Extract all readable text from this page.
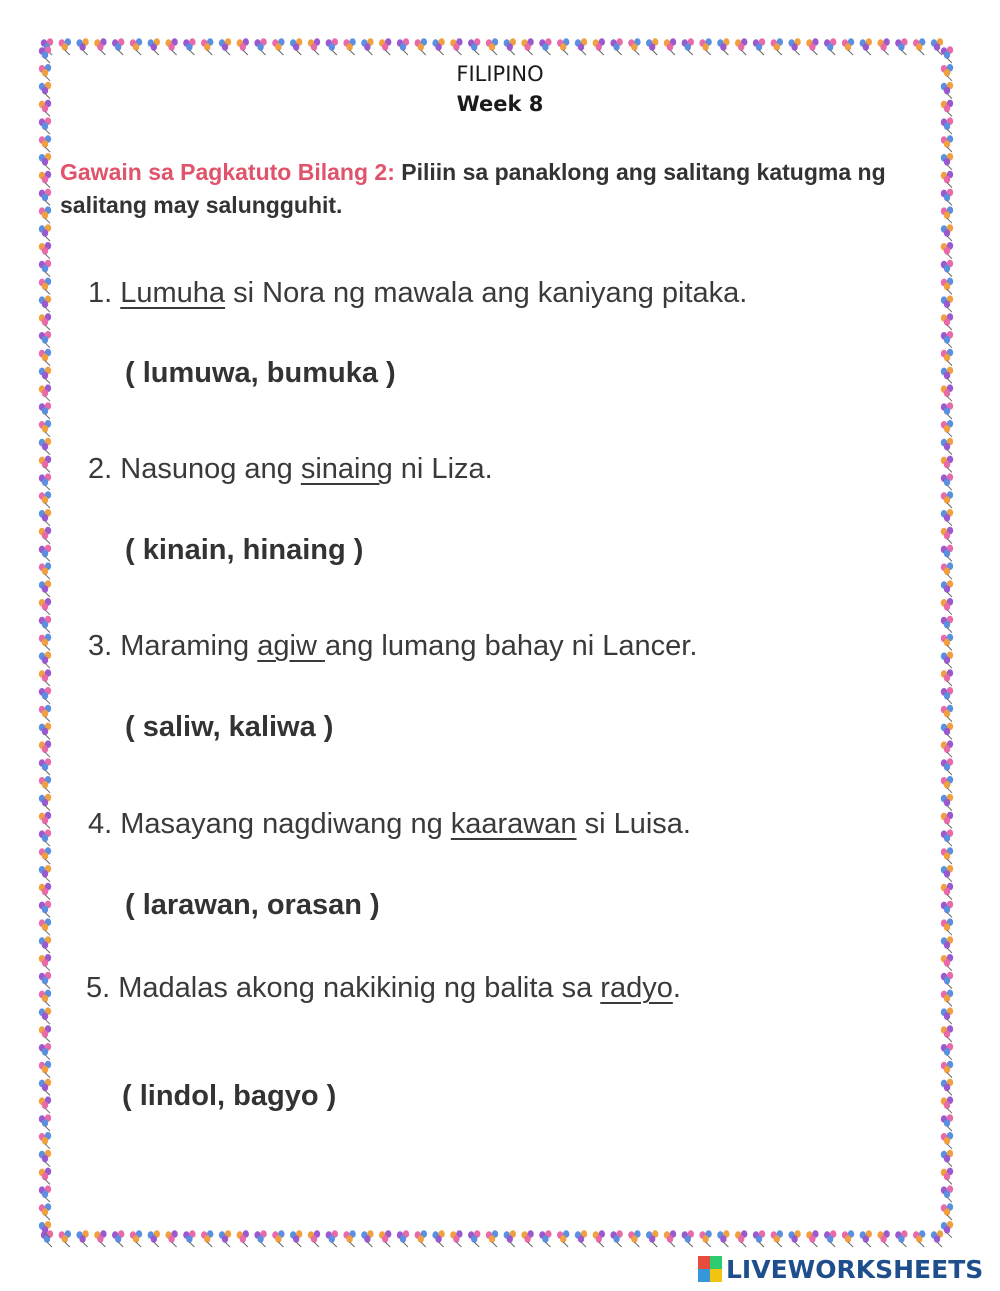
FILIPINO
Week 8
Gawain sa Pagkatuto Bilang 2: Piliin sa panaklong ang salitang katugma ng salitang may salungguhit.
1. Lumuha si Nora ng mawala ang kaniyang pitaka.
( lumuwa, bumuka )
2. Nasunog ang sinaing ni Liza.
( kinain, hinaing )
3. Maraming agiw ang lumang bahay ni Lancer.
( saliw, kaliwa )
4. Masayang nagdiwang ng kaarawan si Luisa.
( larawan, orasan )
5. Madalas akong nakikinig ng balita sa radyo.
( lindol, bagyo )
LIVEWORKSHEETS
